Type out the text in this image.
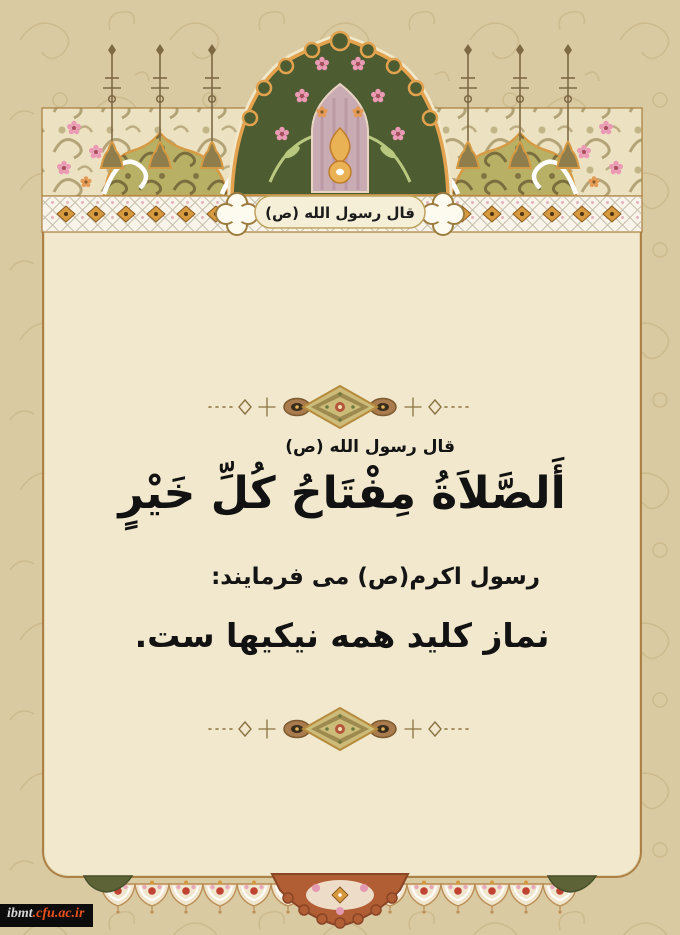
قال رسول الله (ص)
قال رسول الله (ص)
أَلصَّلاَةُ مِفْتَاحُ كُلِّ خَيْرٍ
رسول اکرم(ص) می فرمایند:
نماز کلید همه نیکیها ست.
ibmt.cfu.ac.ir
